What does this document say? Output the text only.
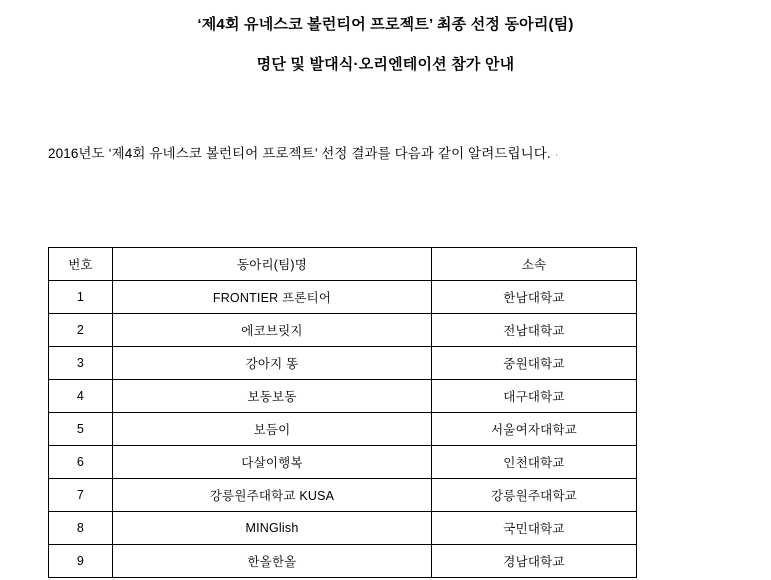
‘제4회 유네스코 볼런티어 프로젝트’ 최종 선정 동아리(팀)
명단 및 발대식·오리엔테이션 참가 안내

2016년도 ‘제4회 유네스코 볼런티어 프로젝트’ 선정 결과를 다음과 같이 알려드립니다. ·

번호	동아리(팀)명	소속
1	FRONTIER 프론티어	한남대학교
2	에코브릿지	전남대학교
3	강아지 똥	중원대학교
4	보동보동	대구대학교
5	보듬이	서울여자대학교
6	다살이행복	인천대학교
7	강릉원주대학교 KUSA	강릉원주대학교
8	MINGlish	국민대학교
9	한올한올	경남대학교
